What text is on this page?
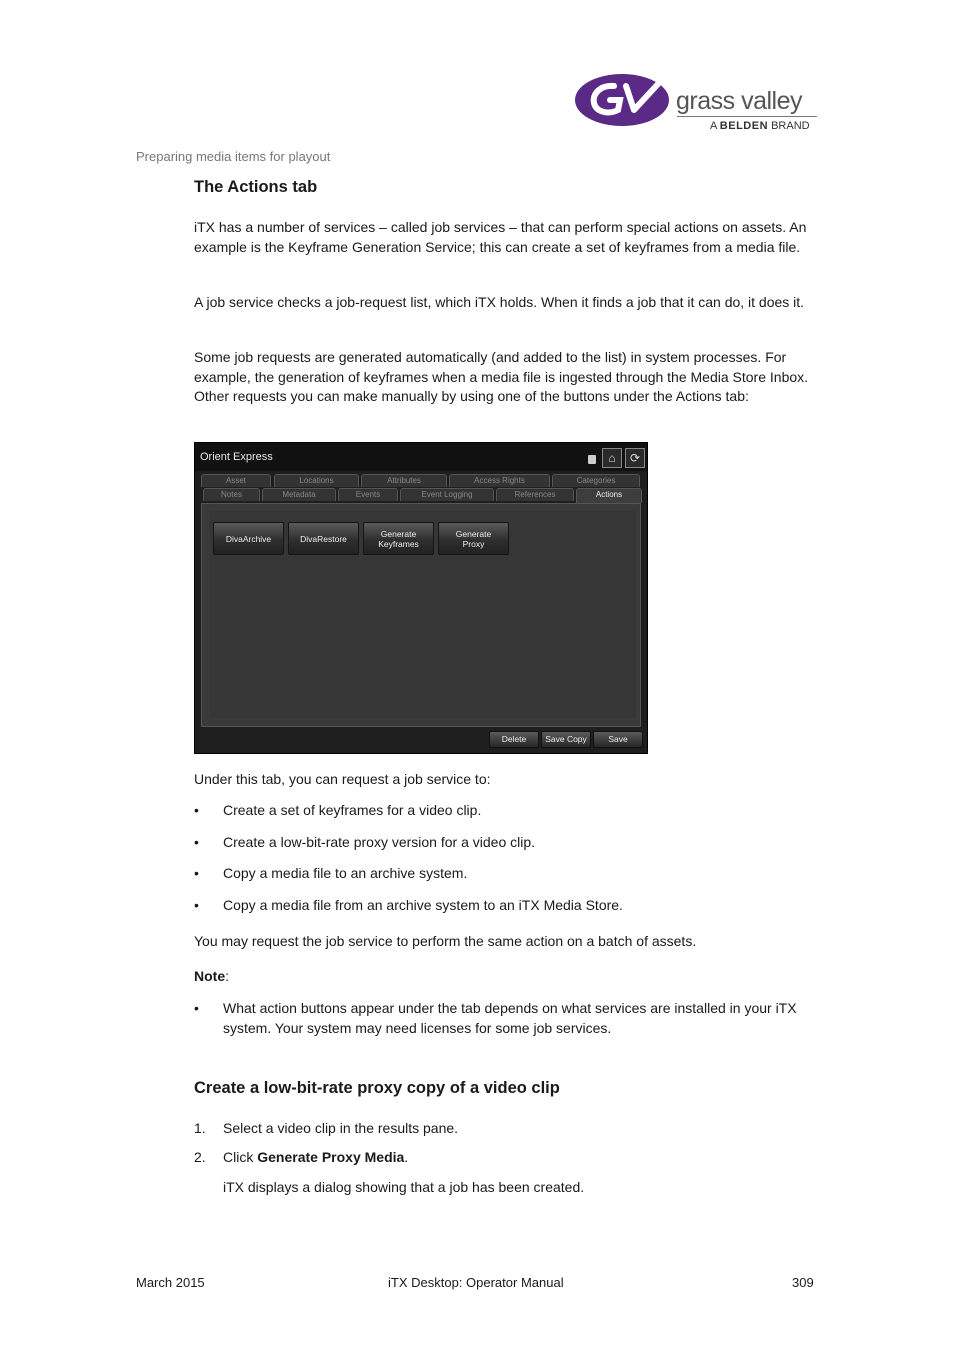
grass valley
A BELDEN BRAND
Preparing media items for playout
The Actions tab
iTX has a number of services – called job services – that can perform special actions on assets. An example is the Keyframe Generation Service; this can create a set of keyframes from a media file.
A job service checks a job-request list, which iTX holds. When it finds a job that it can do, it does it.
Some job requests are generated automatically (and added to the list) in system processes. For example, the generation of keyframes when a media file is ingested through the Media Store Inbox. Other requests you can make manually by using one of the buttons under the Actions tab:
Orient Express	⌂	⟳
Asset	Locations	Attributes	Access Rights	Categories
Notes	Metadata	Events	Event Logging	References	Actions
DivaArchive	DivaRestore	Generate
Keyframes
Generate
Proxy
Delete	Save Copy	Save
Under this tab, you can request a job service to:
• Create a set of keyframes for a video clip.
• Create a low-bit-rate proxy version for a video clip.
• Copy a media file to an archive system.
• Copy a media file from an archive system to an iTX Media Store.
You may request the job service to perform the same action on a batch of assets.
Note:
• What action buttons appear under the tab depends on what services are installed in your iTX system. Your system may need licenses for some job services.
Create a low-bit-rate proxy copy of a video clip
1. Select a video clip in the results pane.
2. Click Generate Proxy Media.
iTX displays a dialog showing that a job has been created.
March 2015	iTX Desktop: Operator Manual	309
